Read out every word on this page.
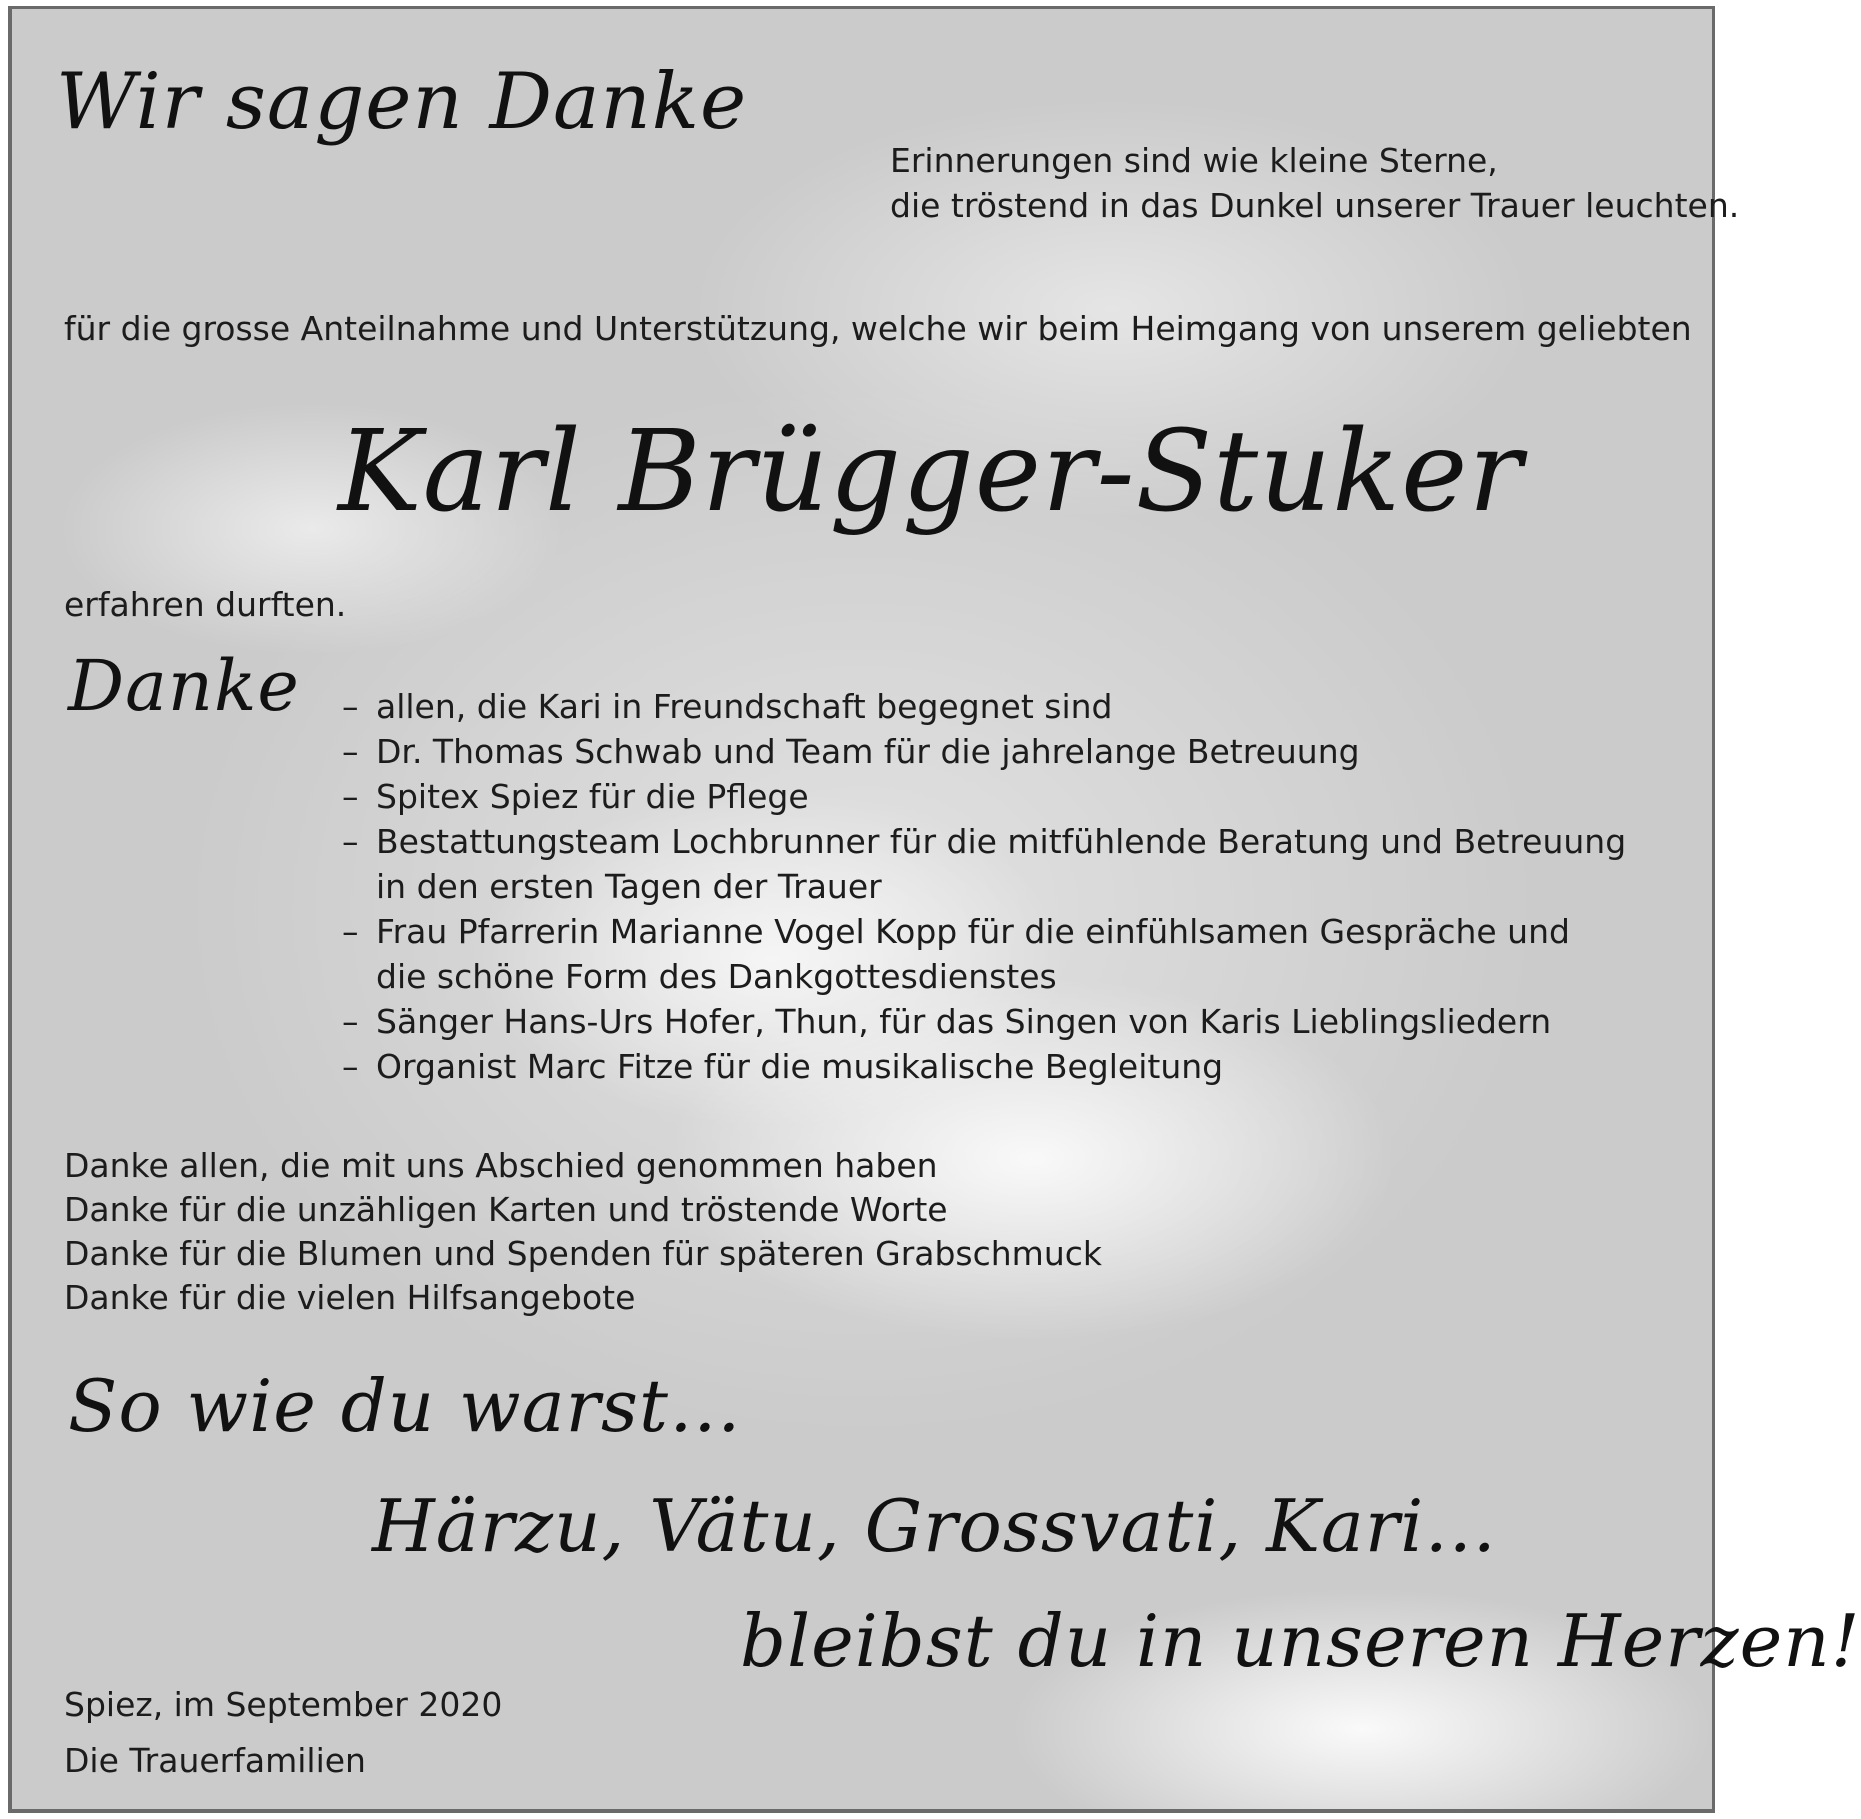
Wir sagen Danke
Erinnerungen sind wie kleine Sterne,
die tröstend in das Dunkel unserer Trauer leuchten.
für die grosse Anteilnahme und Unterstützung, welche wir beim Heimgang von unserem geliebten
Karl Brügger-Stuker
erfahren durften.
Danke – allen, die Kari in Freundschaft begegnet sind
– Dr. Thomas Schwab und Team für die jahrelange Betreuung
– Spitex Spiez für die Pflege
– Bestattungsteam Lochbrunner für die mitfühlende Beratung und Betreuung
in den ersten Tagen der Trauer
– Frau Pfarrerin Marianne Vogel Kopp für die einfühlsamen Gespräche und
die schöne Form des Dankgottesdienstes
– Sänger Hans-Urs Hofer, Thun, für das Singen von Karis Lieblingsliedern
– Organist Marc Fitze für die musikalische Begleitung
Danke allen, die mit uns Abschied genommen haben
Danke für die unzähligen Karten und tröstende Worte
Danke für die Blumen und Spenden für späteren Grabschmuck
Danke für die vielen Hilfsangebote
So wie du warst…
Härzu, Vätu, Grossvati, Kari…
bleibst du in unseren Herzen!
Spiez, im September 2020
Die Trauerfamilien
